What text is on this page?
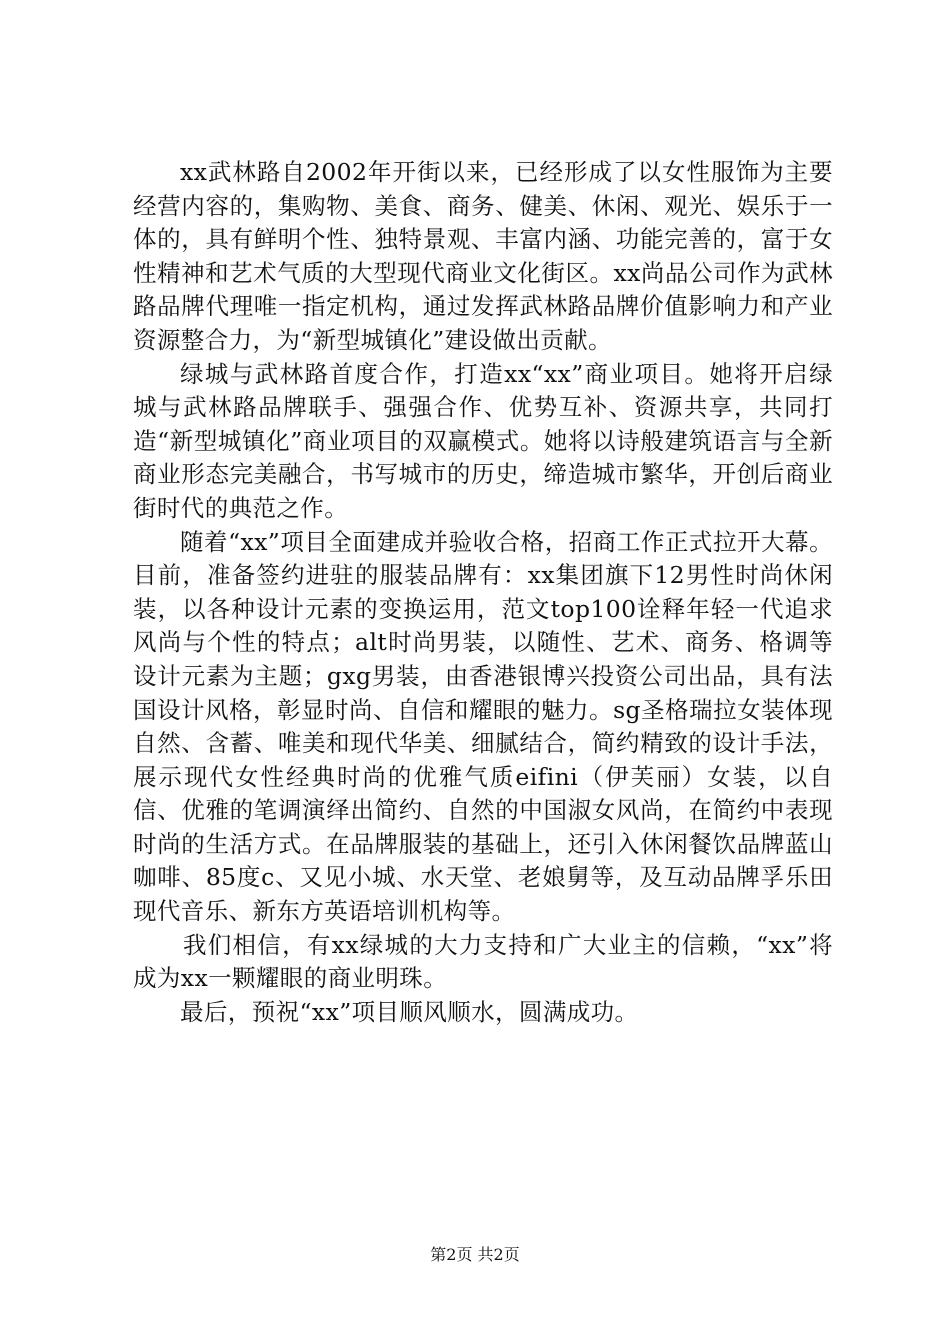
xx武林路自2002年开街以来，已经形成了以女性服饰为主要经营内容的，集购物、美食、商务、健美、休闲、观光、娱乐于一体的，具有鲜明个性、独特景观、丰富内涵、功能完善的，富于女性精神和艺术气质的大型现代商业文化街区。xx尚品公司作为武林路品牌代理唯一指定机构，通过发挥武林路品牌价值影响力和产业资源整合力，为“新型城镇化”建设做出贡献。

绿城与武林路首度合作，打造xx“xx”商业项目。她将开启绿城与武林路品牌联手、强强合作、优势互补、资源共享，共同打造“新型城镇化”商业项目的双赢模式。她将以诗般建筑语言与全新商业形态完美融合，书写城市的历史，缔造城市繁华，开创后商业街时代的典范之作。

随着“xx”项目全面建成并验收合格，招商工作正式拉开大幕。目前，准备签约进驻的服装品牌有：xx集团旗下12男性时尚休闲装，以各种设计元素的变换运用，范文top100诠释年轻一代追求风尚与个性的特点；alt时尚男装，以随性、艺术、商务、格调等设计元素为主题；gxg男装，由香港银博兴投资公司出品，具有法国设计风格，彰显时尚、自信和耀眼的魅力。sg圣格瑞拉女装体现自然、含蓄、唯美和现代华美、细腻结合，简约精致的设计手法，展示现代女性经典时尚的优雅气质eifini（伊芙丽）女装，以自信、优雅的笔调演绎出简约、自然的中国淑女风尚，在简约中表现时尚的生活方式。在品牌服装的基础上，还引入休闲餐饮品牌蓝山咖啡、85度c、又见小城、水天堂、老娘舅等，及互动品牌孚乐田现代音乐、新东方英语培训机构等。

我们相信，有xx绿城的大力支持和广大业主的信赖，“xx”将成为xx一颗耀眼的商业明珠。

最后，预祝“xx”项目顺风顺水，圆满成功。

第2页 共2页
